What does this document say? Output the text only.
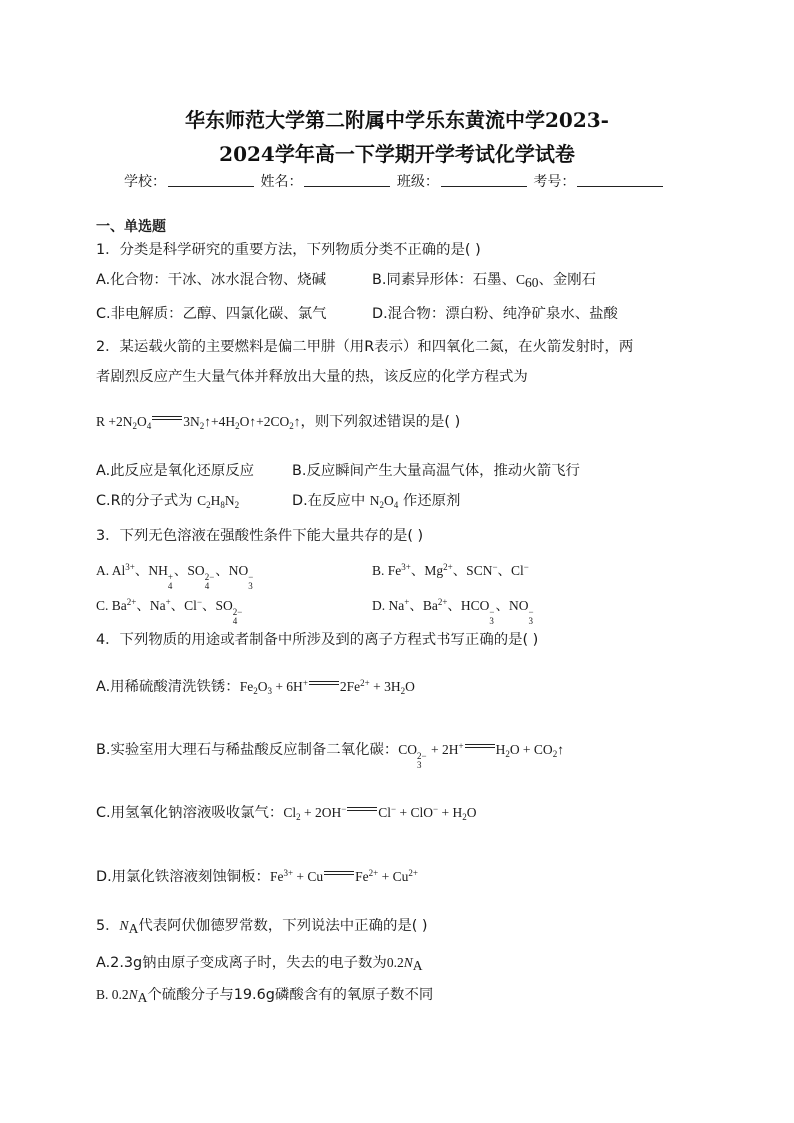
华东师范大学第二附属中学乐东黄流中学2023-
2024学年高一下学期开学考试化学试卷
学校：	姓名：	班级：	考号：
一、单选题
1．分类是科学研究的重要方法，下列物质分类不正确的是( )
A.化合物：干冰、冰水混合物、烧碱	B.同素异形体：石墨、$C_{60}$、金刚石
C.非电解质：乙醇、四氯化碳、氯气	D.混合物：漂白粉、纯净矿泉水、盐酸
2．某运载火箭的主要燃料是偏二甲肼（用R表示）和四氧化二氮，在火箭发射时，两
者剧烈反应产生大量气体并释放出大量的热，该反应的化学方程式为
$R +2N_2O_4$ $3N_2↑+4H_2O↑+2CO_2↑$，则下列叙述错误的是( )
A.此反应是氧化还原反应	B.反应瞬间产生大量高温气体，推动火箭飞行
C.R的分子式为 $C_2H_8N_2$	D.在反应中 $N_2O_4$ 作还原剂
3．下列无色溶液在强酸性条件下能大量共存的是( )
A. $Al^{3+}$、NH +
4
、SO 2−
4
、NO −
3
B. $Fe^{3+}$、$Mg^{2+}$、SCN−、Cl−
C. $Ba^{2+}$、Na+、Cl−、SO 2−
4
D. Na+、$Ba^{2+}$、HCO −
3
、NO −
3
4．下列物质的用途或者制备中所涉及到的离子方程式书写正确的是( )
A.用稀硫酸清洗铁锈：$Fe_2O_3 + 6H^+$ $2Fe^{2+} + 3H_2O$
B.实验室用大理石与稀盐酸反应制备二氧化碳：CO 2−
3
+ 2H+ $H_2O$ + $CO_2↑$
C.用氢氧化钠溶液吸收氯气：$Cl_2 + 2OH^-$ $Cl^- + ClO^- + H_2O$
D.用氯化铁溶液刻蚀铜板：$Fe^{3+} + Cu$ $Fe^{2+} + Cu^{2+}$
5．$N_A$代表阿伏伽德罗常数，下列说法中正确的是( )
A.2.3g钠由原子变成离子时，失去的电子数为$0.2N_A$
B. $0.2N_A$个硫酸分子与19.6g磷酸含有的氧原子数不同
